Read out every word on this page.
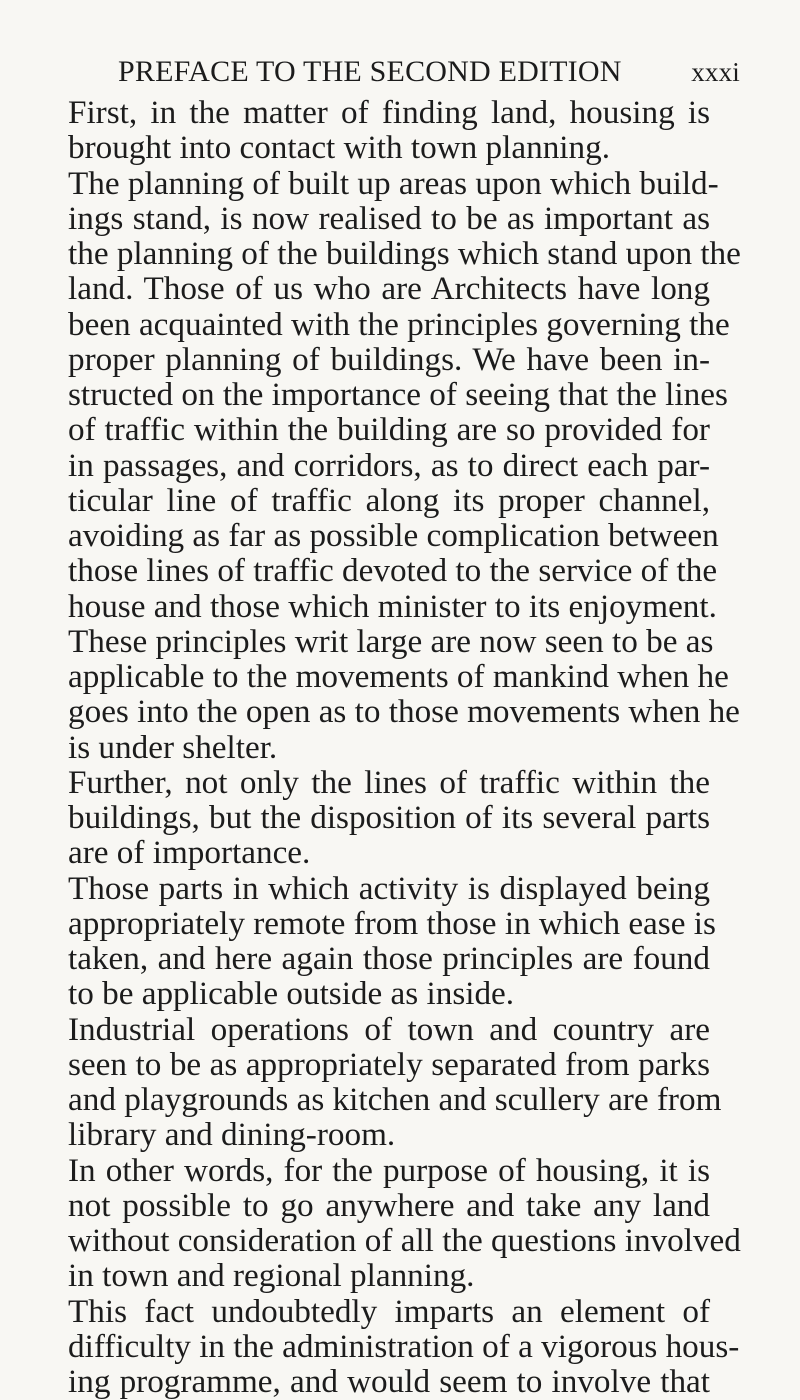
PREFACE TO THE SECOND EDITION	xxxi
First, in the matter of finding land, housing is
brought into contact with town planning.
The planning of built up areas upon which build-
ings stand, is now realised to be as important as
the planning of the buildings which stand upon the
land. Those of us who are Architects have long
been acquainted with the principles governing the
proper planning of buildings. We have been in-
structed on the importance of seeing that the lines
of traffic within the building are so provided for
in passages, and corridors, as to direct each par-
ticular line of traffic along its proper channel,
avoiding as far as possible complication between
those lines of traffic devoted to the service of the
house and those which minister to its enjoyment.
These principles writ large are now seen to be as
applicable to the movements of mankind when he
goes into the open as to those movements when he
is under shelter.
Further, not only the lines of traffic within the
buildings, but the disposition of its several parts
are of importance.
Those parts in which activity is displayed being
appropriately remote from those in which ease is
taken, and here again those principles are found
to be applicable outside as inside.
Industrial operations of town and country are
seen to be as appropriately separated from parks
and playgrounds as kitchen and scullery are from
library and dining-room.
In other words, for the purpose of housing, it is
not possible to go anywhere and take any land
without consideration of all the questions involved
in town and regional planning.
This fact undoubtedly imparts an element of
difficulty in the administration of a vigorous hous-
ing programme, and would seem to involve that
